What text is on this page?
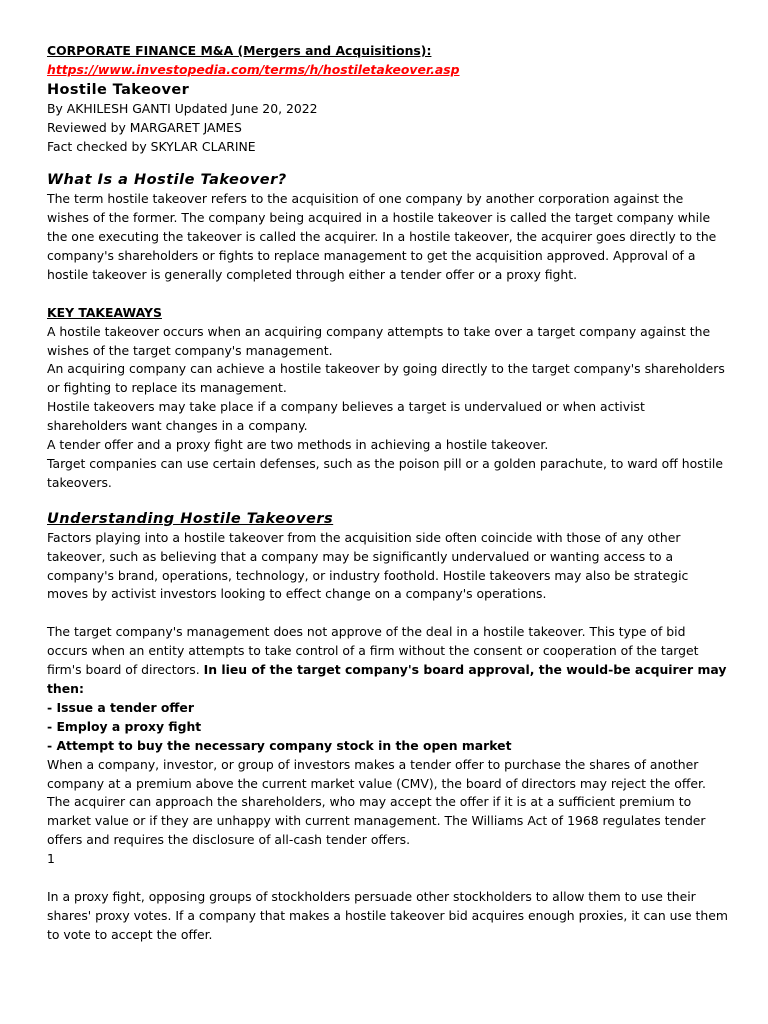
CORPORATE FINANCE M&A (Mergers and Acquisitions):

https://www.investopedia.com/terms/h/hostiletakeover.asp

Hostile Takeover

By AKHILESH GANTI Updated June 20, 2022

Reviewed by MARGARET JAMES

Fact checked by SKYLAR CLARINE

What Is a Hostile Takeover?

The term hostile takeover refers to the acquisition of one company by another corporation against the wishes of the former. The company being acquired in a hostile takeover is called the target company while the one executing the takeover is called the acquirer. In a hostile takeover, the acquirer goes directly to the company's shareholders or fights to replace management to get the acquisition approved. Approval of a hostile takeover is generally completed through either a tender offer or a proxy fight.

KEY TAKEAWAYS

A hostile takeover occurs when an acquiring company attempts to take over a target company against the wishes of the target company's management.

An acquiring company can achieve a hostile takeover by going directly to the target company's shareholders or fighting to replace its management.

Hostile takeovers may take place if a company believes a target is undervalued or when activist shareholders want changes in a company.

A tender offer and a proxy fight are two methods in achieving a hostile takeover.

Target companies can use certain defenses, such as the poison pill or a golden parachute, to ward off hostile takeovers.

Understanding Hostile Takeovers

Factors playing into a hostile takeover from the acquisition side often coincide with those of any other takeover, such as believing that a company may be significantly undervalued or wanting access to a company's brand, operations, technology, or industry foothold. Hostile takeovers may also be strategic moves by activist investors looking to effect change on a company's operations.

The target company's management does not approve of the deal in a hostile takeover. This type of bid occurs when an entity attempts to take control of a firm without the consent or cooperation of the target firm's board of directors. In lieu of the target company's board approval, the would-be acquirer may then:

- Issue a tender offer

- Employ a proxy fight

- Attempt to buy the necessary company stock in the open market

When a company, investor, or group of investors makes a tender offer to purchase the shares of another company at a premium above the current market value (CMV), the board of directors may reject the offer. The acquirer can approach the shareholders, who may accept the offer if it is at a sufficient premium to market value or if they are unhappy with current management. The Williams Act of 1968 regulates tender offers and requires the disclosure of all-cash tender offers.

1

In a proxy fight, opposing groups of stockholders persuade other stockholders to allow them to use their shares' proxy votes. If a company that makes a hostile takeover bid acquires enough proxies, it can use them to vote to accept the offer.
